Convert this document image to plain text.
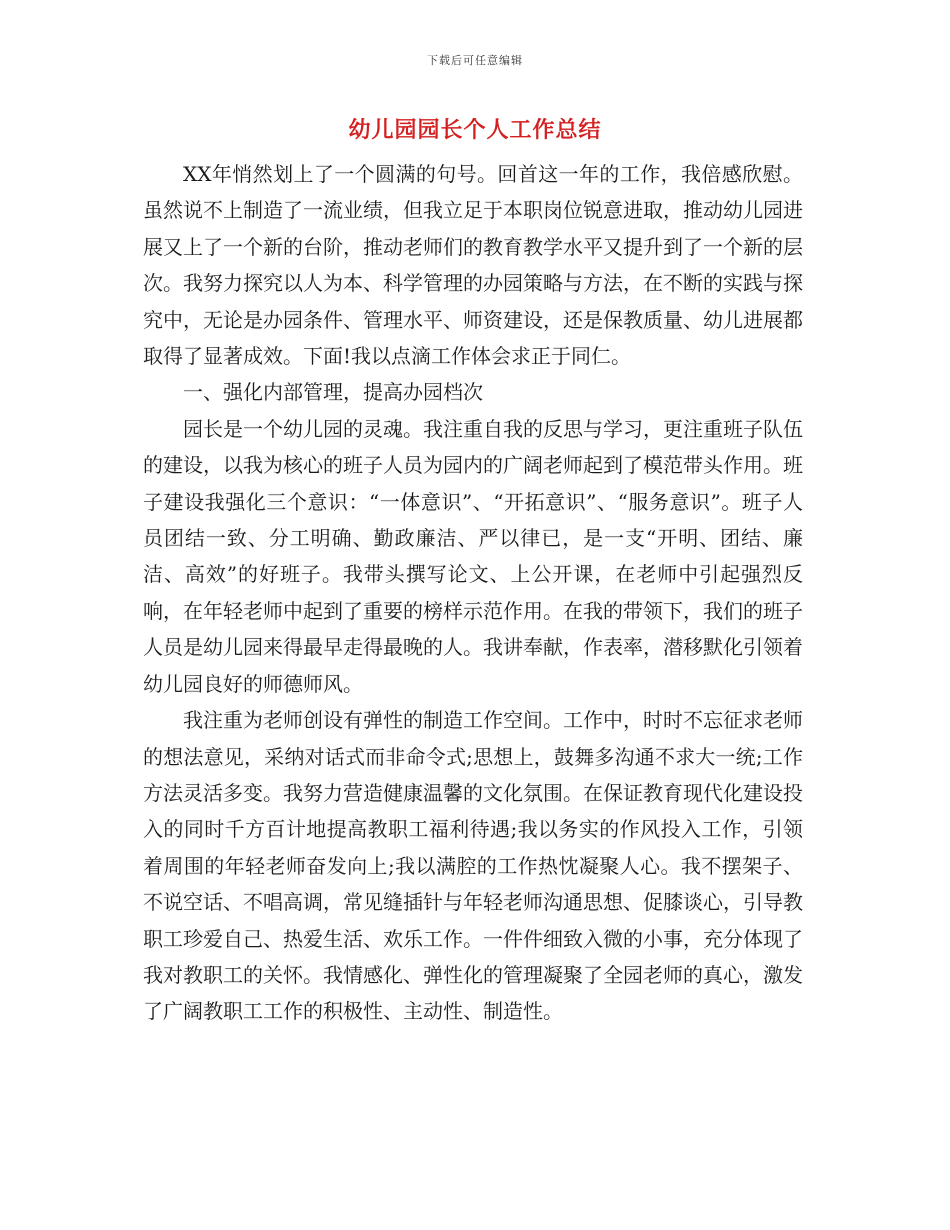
下载后可任意编辑
幼儿园园长个人工作总结

XX年悄然划上了一个圆满的句号。回首这一年的工作，我倍感欣慰。虽然说不上制造了一流业绩，但我立足于本职岗位锐意进取，推动幼儿园进展又上了一个新的台阶，推动老师们的教育教学水平又提升到了一个新的层次。我努力探究以人为本、科学管理的办园策略与方法，在不断的实践与探究中，无论是办园条件、管理水平、师资建设，还是保教质量、幼儿进展都取得了显著成效。下面!我以点滴工作体会求正于同仁。

一、强化内部管理，提高办园档次

园长是一个幼儿园的灵魂。我注重自我的反思与学习，更注重班子队伍的建设，以我为核心的班子人员为园内的广阔老师起到了模范带头作用。班子建设我强化三个意识：“一体意识”、“开拓意识”、“服务意识”。班子人员团结一致、分工明确、勤政廉洁、严以律已，是一支“开明、团结、廉洁、高效”的好班子。我带头撰写论文、上公开课，在老师中引起强烈反响，在年轻老师中起到了重要的榜样示范作用。在我的带领下，我们的班子人员是幼儿园来得最早走得最晚的人。我讲奉献，作表率，潜移默化引领着幼儿园良好的师德师风。

我注重为老师创设有弹性的制造工作空间。工作中，时时不忘征求老师的想法意见，采纳对话式而非命令式;思想上，鼓舞多沟通不求大一统;工作方法灵活多变。我努力营造健康温馨的文化氛围。在保证教育现代化建设投入的同时千方百计地提高教职工福利待遇;我以务实的作风投入工作，引领着周围的年轻老师奋发向上;我以满腔的工作热忱凝聚人心。我不摆架子、不说空话、不唱高调，常见缝插针与年轻老师沟通思想、促膝谈心，引导教职工珍爱自己、热爱生活、欢乐工作。一件件细致入微的小事，充分体现了我对教职工的关怀。我情感化、弹性化的管理凝聚了全园老师的真心，激发了广阔教职工工作的积极性、主动性、制造性。
